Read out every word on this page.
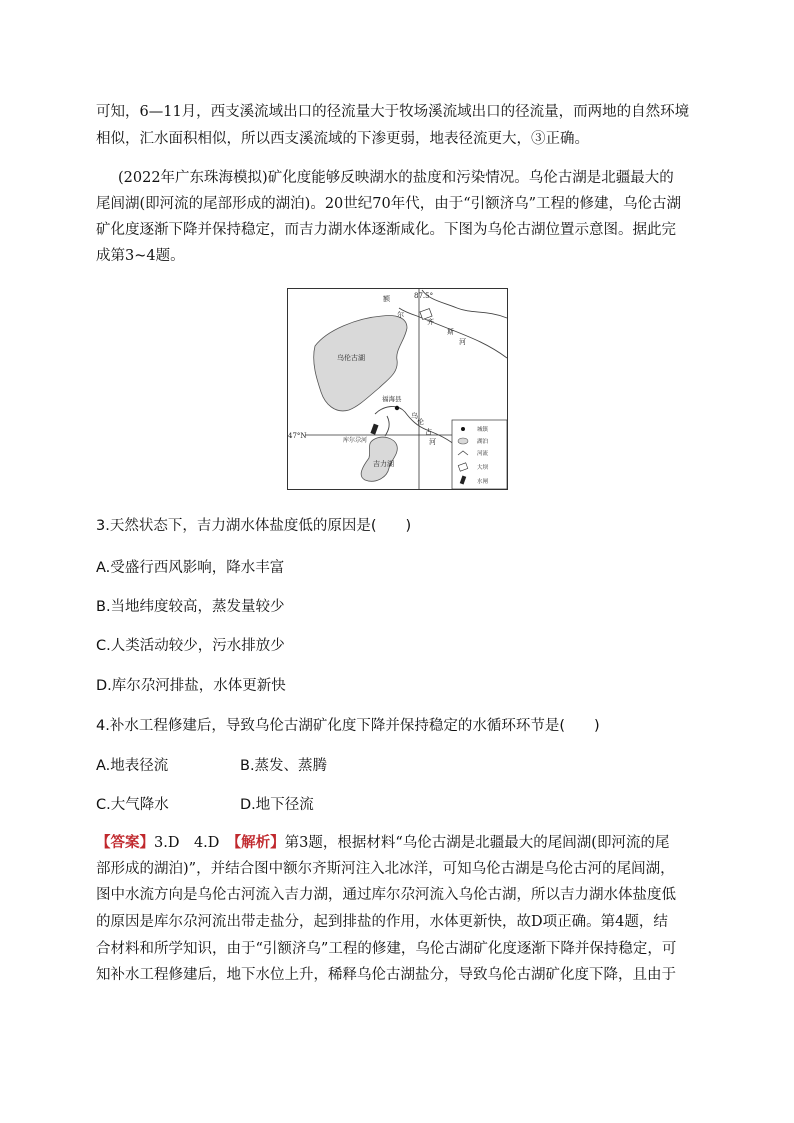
可知，6—11月，西支溪流域出口的径流量大于牧场溪流域出口的径流量，而两地的自然环境
相似，汇水面积相似，所以西支溪流域的下渗更弱，地表径流更大，③正确。
(2022年广东珠海模拟)矿化度能够反映湖水的盐度和污染情况。乌伦古湖是北疆最大的
尾闾湖(即河流的尾部形成的湖泊)。20世纪70年代，由于“引额济乌”工程的修建，乌伦古湖
矿化度逐渐下降并保持稳定，而吉力湖水体逐渐咸化。下图为乌伦古湖位置示意图。据此完
成第3~4题。
87.5°
47°N
乌伦古湖
吉力湖
福海县
额
尔
齐
斯
河
乌
伦
古
河
库尔尕河
城镇
湖泊
河流
大坝
水闸
3.天然状态下，吉力湖水体盐度低的原因是(　　)
A.受盛行西风影响，降水丰富
B.当地纬度较高，蒸发量较少
C.人类活动较少，污水排放少
D.库尔尕河排盐，水体更新快
4.补水工程修建后，导致乌伦古湖矿化度下降并保持稳定的水循环环节是(　　)
A.地表径流	B.蒸发、蒸腾
C.大气降水	D.地下径流
【答案】3.D　4.D　 【解析】第3题，根据材料“乌伦古湖是北疆最大的尾闾湖(即河流的尾
部形成的湖泊)”，并结合图中额尔齐斯河注入北冰洋，可知乌伦古湖是乌伦古河的尾闾湖，
图中水流方向是乌伦古河流入吉力湖，通过库尔尕河流入乌伦古湖，所以吉力湖水体盐度低
的原因是库尔尕河流出带走盐分，起到排盐的作用，水体更新快，故D项正确。第4题，结
合材料和所学知识，由于“引额济乌”工程的修建，乌伦古湖矿化度逐渐下降并保持稳定，可
知补水工程修建后，地下水位上升，稀释乌伦古湖盐分，导致乌伦古湖矿化度下降，且由于
